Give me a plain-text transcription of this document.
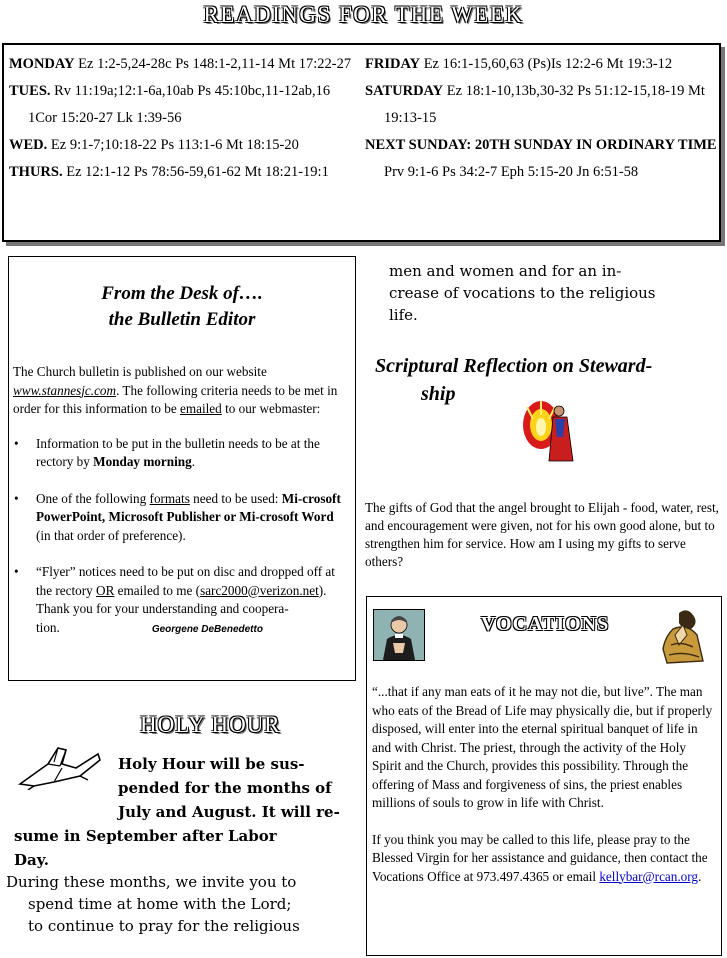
READINGS FOR THE WEEK
MONDAY Ez 1:2-5,24-28c Ps 148:1-2,11-14 Mt 17:22-27
TUES. Rv 11:19a;12:1-6a,10ab Ps 45:10bc,11-12ab,16 1Cor 15:20-27 Lk 1:39-56
WED. Ez 9:1-7;10:18-22 Ps 113:1-6 Mt 18:15-20
THURS. Ez 12:1-12 Ps 78:56-59,61-62 Mt 18:21-19:1
FRIDAY Ez 16:1-15,60,63 (Ps)Is 12:2-6 Mt 19:3-12
SATURDAY Ez 18:1-10,13b,30-32 Ps 51:12-15,18-19 Mt 19:13-15
NEXT SUNDAY: 20TH SUNDAY IN ORDINARY TIME Prv 9:1-6 Ps 34:2-7 Eph 5:15-20 Jn 6:51-58
From the Desk of….
the Bulletin Editor

The Church bulletin is published on our website www.stannesjc.com. The following criteria needs to be met in order for this information to be emailed to our webmaster:

• Information to be put in the bulletin needs to be at the rectory by Monday morning.
• One of the following formats need to be used: Mi-crosoft PowerPoint, Microsoft Publisher or Mi-crosoft Word (in that order of preference).
• “Flyer” notices need to be put on disc and dropped off at the rectory OR emailed to me (sarc2000@verizon.net).
Thank you for your understanding and coopera-tion.	Georgene DeBenedetto
HOLY HOUR
Holy Hour will be sus-
pended for the months of
July and August. It will re-
sume in September after Labor
Day.
During these months, we invite you to
spend time at home with the Lord;
to continue to pray for the religious
men and women and for an in-
crease of vocations to the religious
life.
Scriptural Reflection on Steward-
ship
The gifts of God that the angel brought to Elijah - food, water, rest, and encouragement were given, not for his own good alone, but to strengthen him for service. How am I using my gifts to serve others?
VOCATIONS

“...that if any man eats of it he may not die, but live”. The man who eats of the Bread of Life may physically die, but if properly disposed, will enter into the eternal spiritual banquet of life in and with Christ. The priest, through the activity of the Holy Spirit and the Church, provides this possibility. Through the offering of Mass and forgiveness of sins, the priest enables millions of souls to grow in life with Christ.

If you think you may be called to this life, please pray to the Blessed Virgin for her assistance and guidance, then contact the Vocations Office at 973.497.4365 or email kellybar@rcan.org.
